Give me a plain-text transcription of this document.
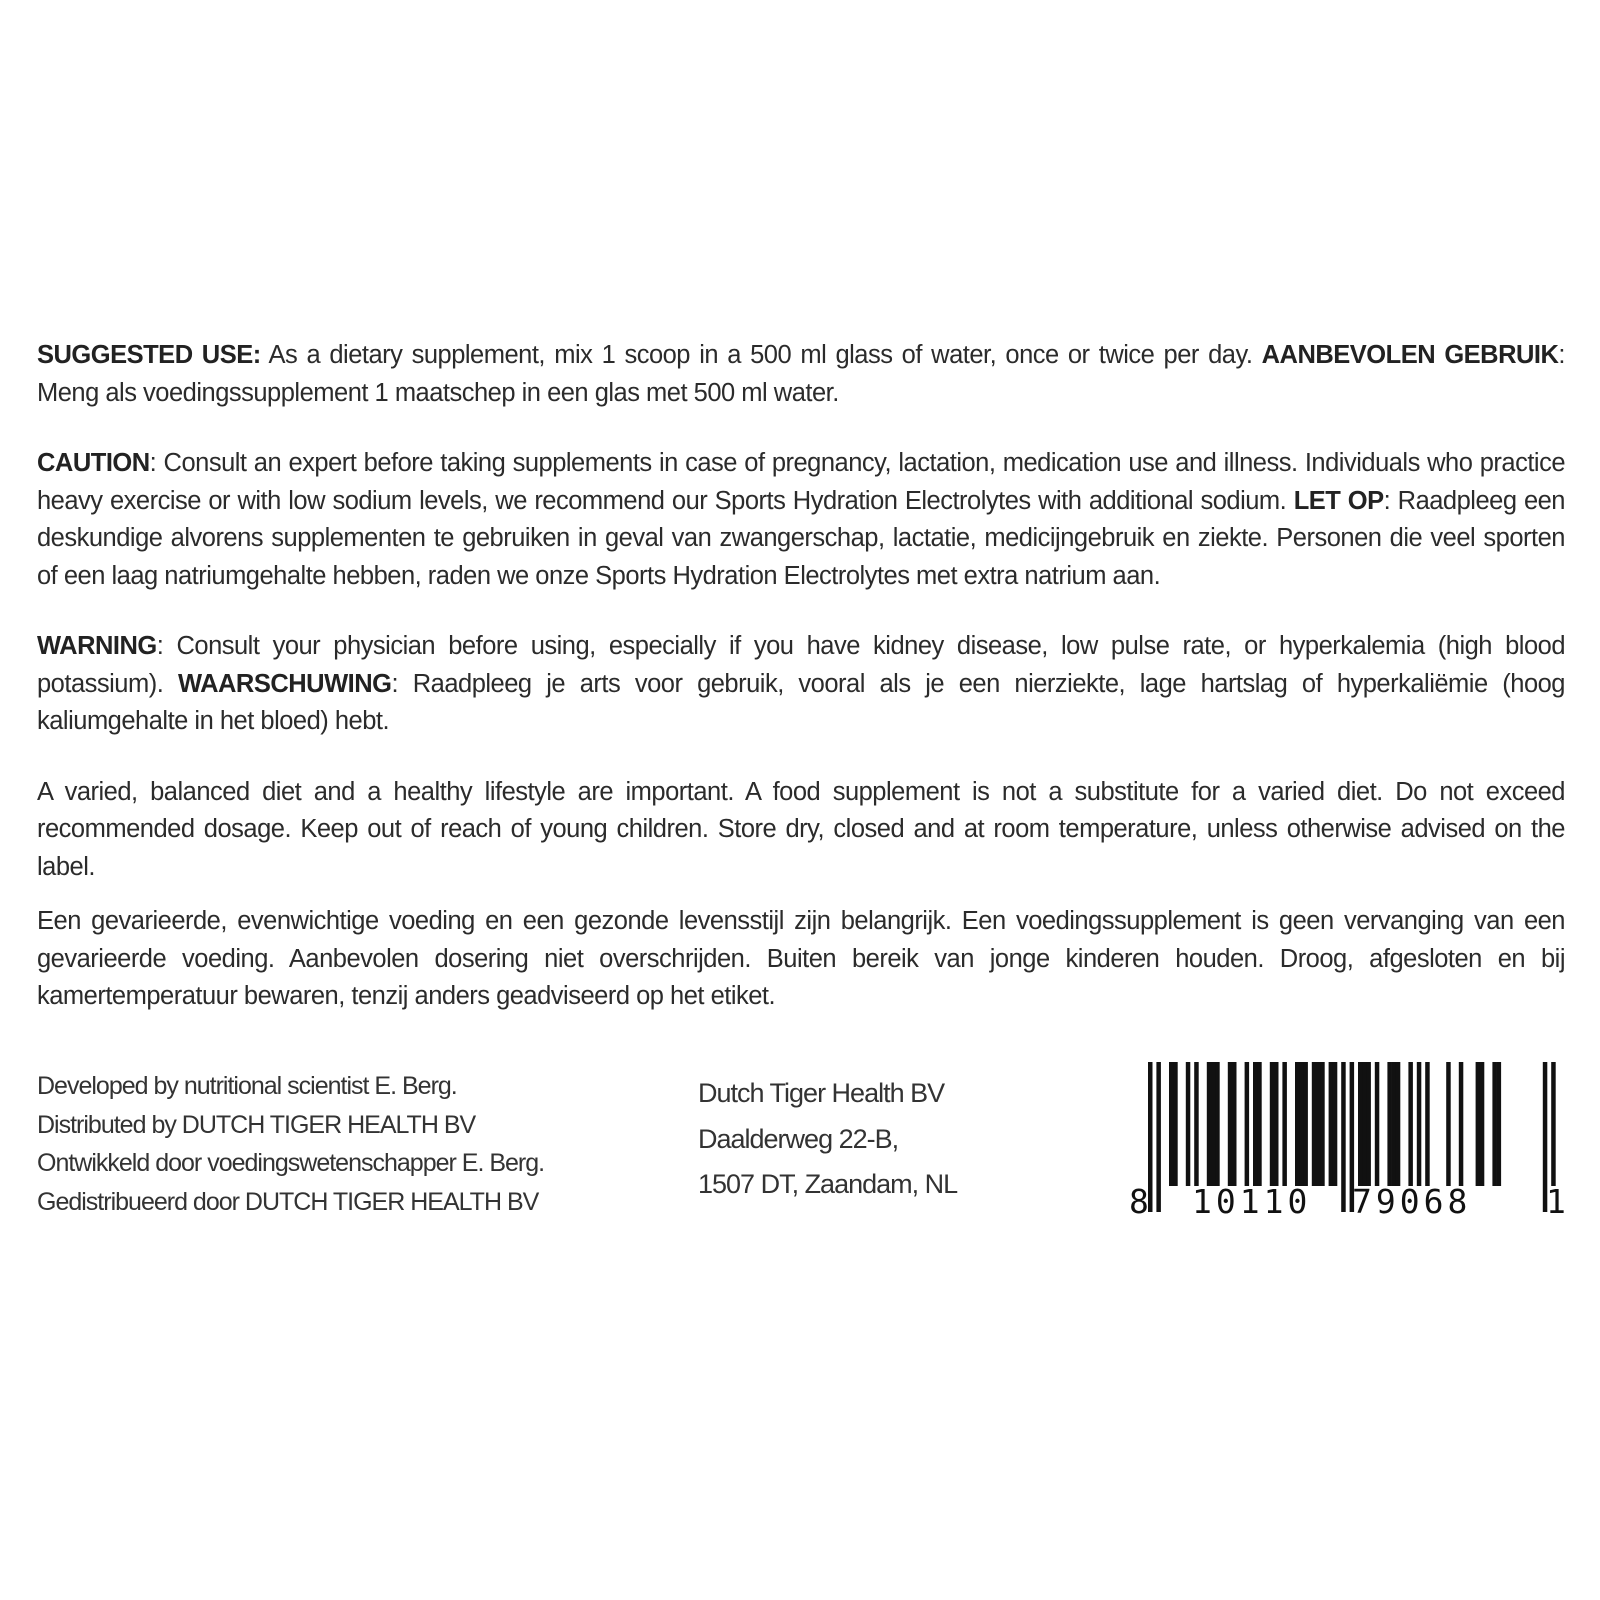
SUGGESTED USE: As a dietary supplement, mix 1 scoop in a 500 ml glass of water, once or twice per day. AANBEVOLEN GEBRUIK: Meng als voedingssupplement 1 maatschep in een glas met 500 ml water.

CAUTION: Consult an expert before taking supplements in case of pregnancy, lactation, medication use and illness. Individuals who practice heavy exercise or with low sodium levels, we recommend our Sports Hydration Electrolytes with additional sodium. LET OP: Raadpleeg een deskundige alvorens supplementen te gebruiken in geval van zwangerschap, lactatie, medicijngebruik en ziekte. Personen die veel sporten of een laag natriumgehalte hebben, raden we onze Sports Hydration Electrolytes met extra natrium aan.

WARNING: Consult your physician before using, especially if you have kidney disease, low pulse rate, or hyperkalemia (high blood potassium). WAARSCHUWING: Raadpleeg je arts voor gebruik, vooral als je een nierziekte, lage hartslag of hyperkaliëmie (hoog kaliumgehalte in het bloed) hebt.

A varied, balanced diet and a healthy lifestyle are important. A food supplement is not a substitute for a varied diet. Do not exceed recommended dosage. Keep out of reach of young children. Store dry, closed and at room temperature, unless otherwise advised on the label.

Een gevarieerde, evenwichtige voeding en een gezonde levensstijl zijn belangrijk. Een voedingssupplement is geen vervanging van een gevarieerde voeding. Aanbevolen dosering niet overschrijden. Buiten bereik van jonge kinderen houden. Droog, afgesloten en bij kamertemperatuur bewaren, tenzij anders geadviseerd op het etiket.

Developed by nutritional scientist E. Berg.
Distributed by DUTCH TIGER HEALTH BV
Ontwikkeld door voedingswetenschapper E. Berg.
Gedistribueerd door DUTCH TIGER HEALTH BV
Dutch Tiger Health BV
Daalderweg 22-B,
1507 DT, Zaandam, NL	8 10110 79068 1
